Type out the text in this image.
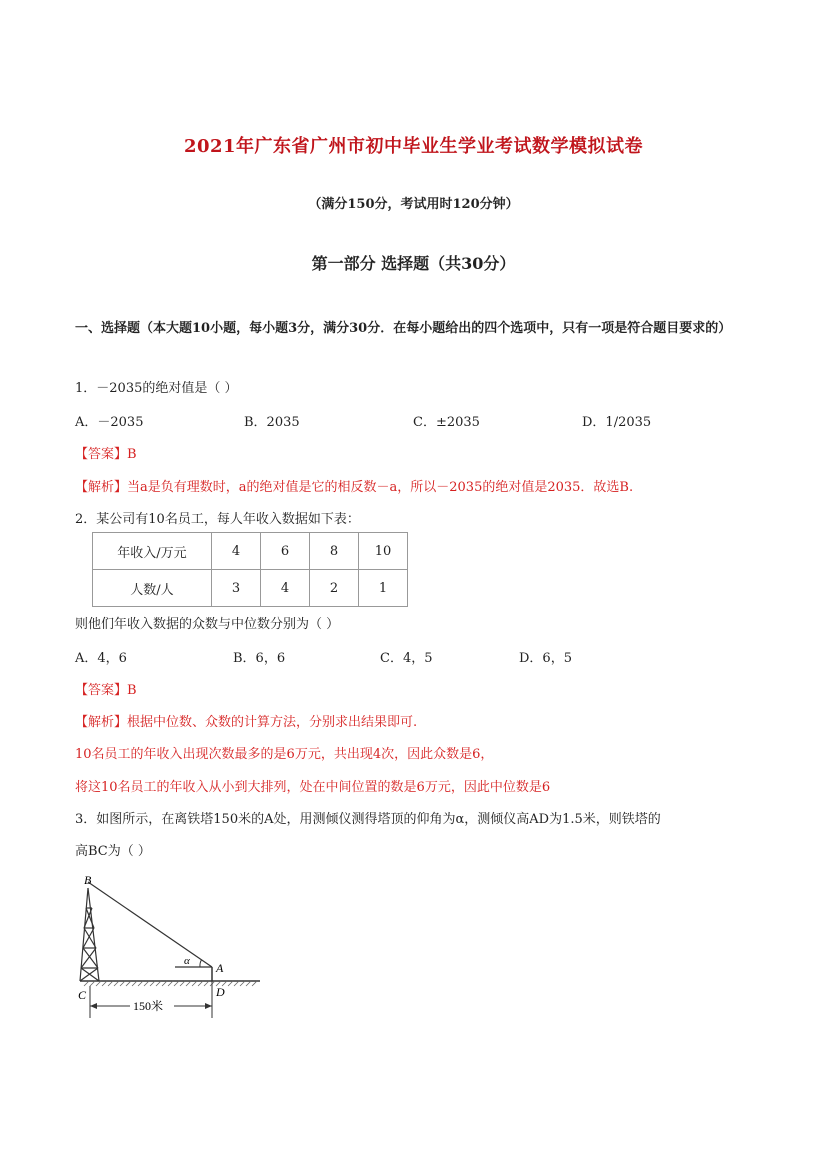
2021年广东省广州市初中毕业生学业考试数学模拟试卷
（满分150分，考试用时120分钟）
第一部分 选择题（共30分）
一、选择题（本大题10小题，每小题3分，满分30分．在每小题给出的四个选项中，只有一项是符合题目要求的）
1．－2035的绝对值是（ ）
A．－2035	B．2035	C．±2035	D．1/2035
【答案】B
【解析】当a是负有理数时，a的绝对值是它的相反数－a，所以－2035的绝对值是2035．故选B.
2．某公司有10名员工，每人年收入数据如下表：
年收入/万元	4	6	8	10
人数/人	3	4	2	1
则他们年收入数据的众数与中位数分别为（ ）
A．4，6	B．6，6	C．4，5	D．6，5
【答案】B
【解析】根据中位数、众数的计算方法，分别求出结果即可.
10名员工的年收入出现次数最多的是6万元，共出现4次，因此众数是6，
将这10名员工的年收入从小到大排列，处在中间位置的数是6万元，因此中位数是6
3．如图所示，在离铁塔150米的A处，用测倾仪测得塔顶的仰角为α，测倾仪高AD为1.5米，则铁塔的
高BC为（ ）
B
C
A
D
α
150米
